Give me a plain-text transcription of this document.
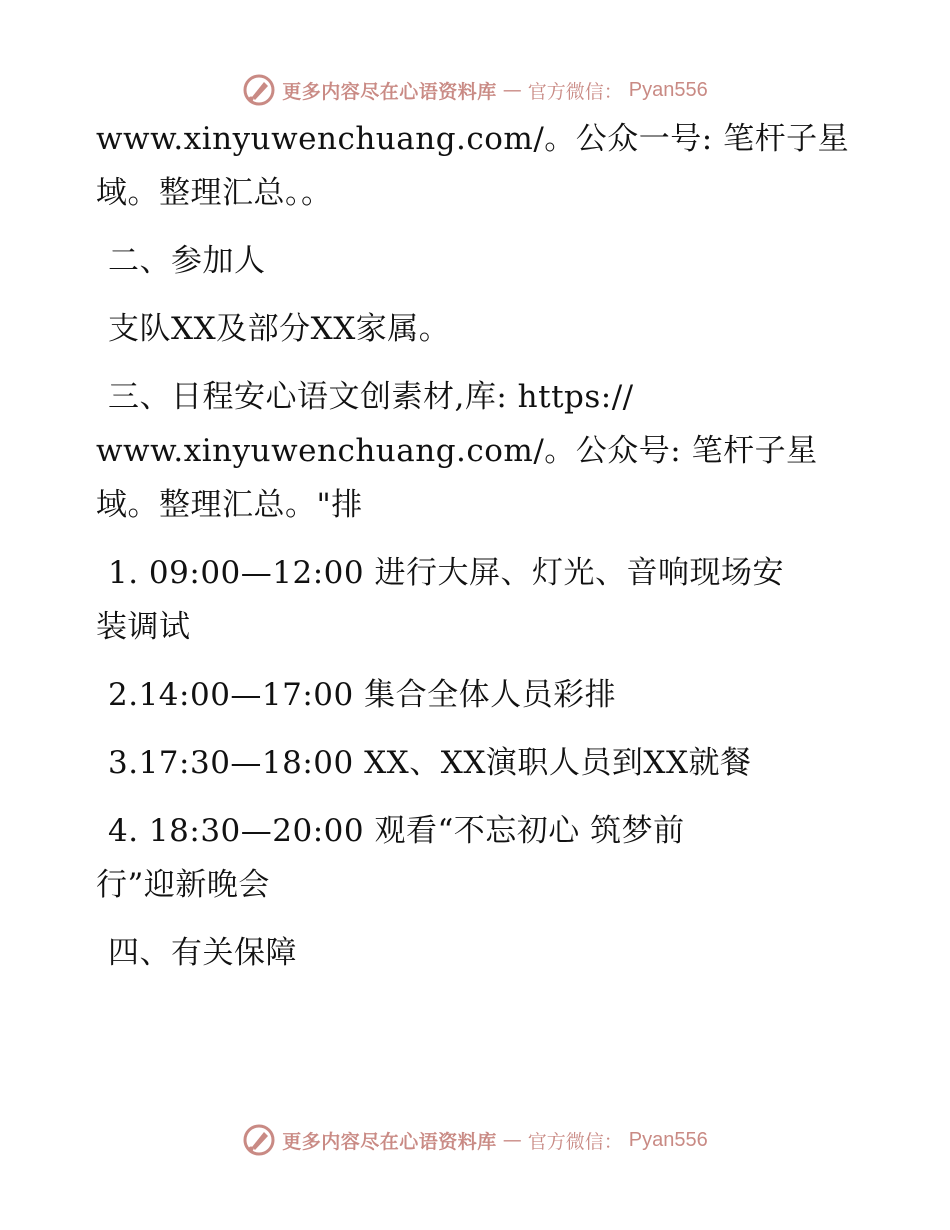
更多内容尽在心语资料库 — 官方微信： Pyan556
www.xinyuwenchuang.com/。公众一号: 笔杆子星
域。整理汇总。。
二、参加人
支队XX及部分XX家属。
三、日程安心语文创素材,库: https://
www.xinyuwenchuang.com/。公众号: 笔杆子星
域。整理汇总。"排
1. 09:00—12:00 进行大屏、灯光、音响现场安
装调试
2.14:00—17:00 集合全体人员彩排
3.17:30—18:00 XX、XX演职人员到XX就餐
4. 18:30—20:00 观看“不忘初心 筑梦前
行”迎新晚会
四、有关保障
更多内容尽在心语资料库 — 官方微信： Pyan556
